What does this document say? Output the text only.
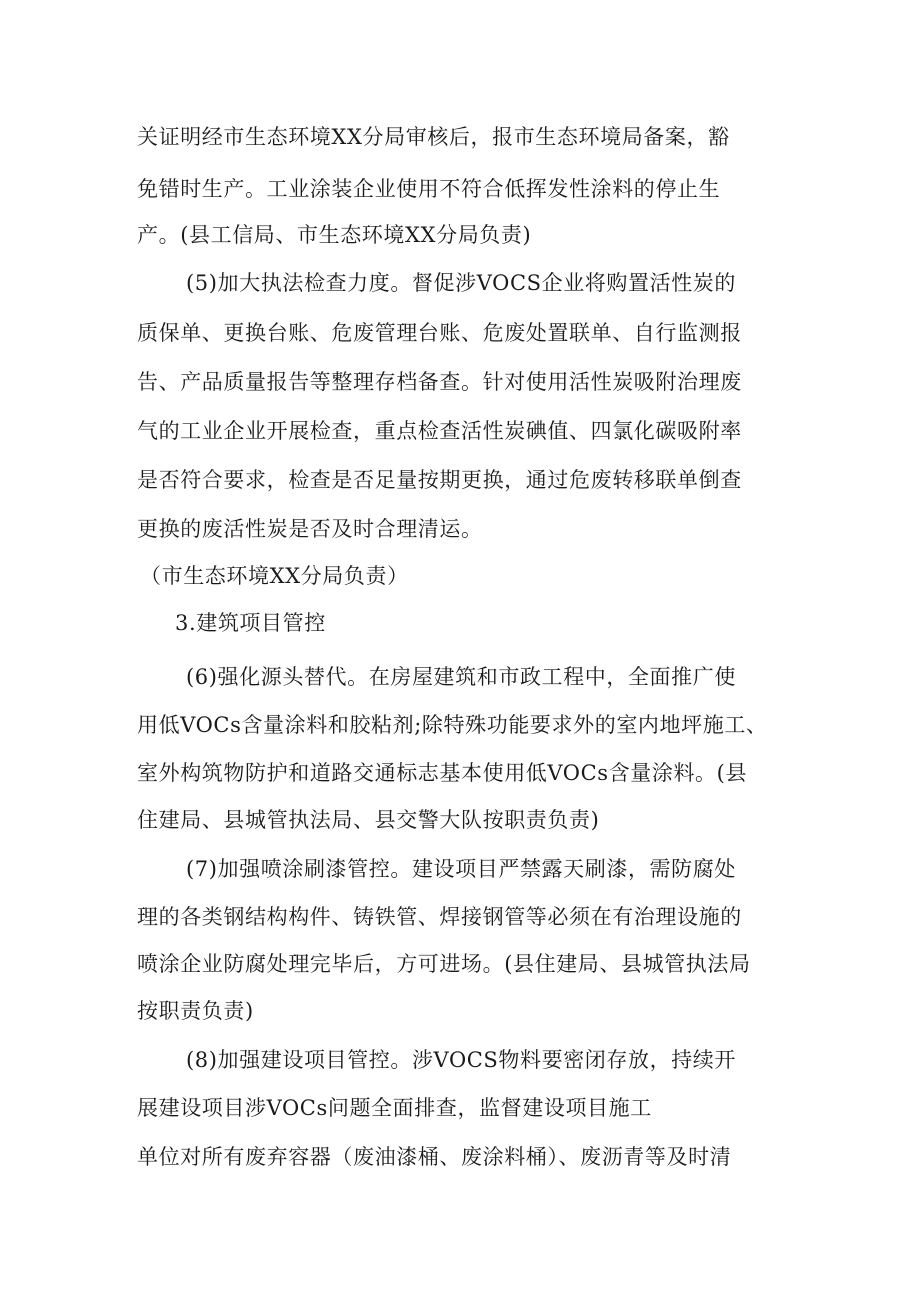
关证明经市生态环境XX分局审核后，报市生态环境局备案，豁
免错时生产。工业涂装企业使用不符合低挥发性涂料的停止生
产。(县工信局、市生态环境XX分局负责)
(5)加大执法检查力度。督促涉VOCS企业将购置活性炭的
质保单、更换台账、危废管理台账、危废处置联单、自行监测报
告、产品质量报告等整理存档备查。针对使用活性炭吸附治理废
气的工业企业开展检查，重点检查活性炭碘值、四氯化碳吸附率
是否符合要求，检查是否足量按期更换，通过危废转移联单倒查
更换的废活性炭是否及时合理清运。
（市生态环境XX分局负责）
3.建筑项目管控
(6)强化源头替代。在房屋建筑和市政工程中，全面推广使
用低VOCs含量涂料和胶粘剂;除特殊功能要求外的室内地坪施工、
室外构筑物防护和道路交通标志基本使用低VOCs含量涂料。(县
住建局、县城管执法局、县交警大队按职责负责)
(7)加强喷涂刷漆管控。建设项目严禁露天刷漆，需防腐处
理的各类钢结构构件、铸铁管、焊接钢管等必须在有治理设施的
喷涂企业防腐处理完毕后，方可进场。(县住建局、县城管执法局
按职责负责)
(8)加强建设项目管控。涉VOCS物料要密闭存放，持续开
展建设项目涉VOCs问题全面排查，监督建设项目施工
单位对所有废弃容器（废油漆桶、废涂料桶）、废沥青等及时清
